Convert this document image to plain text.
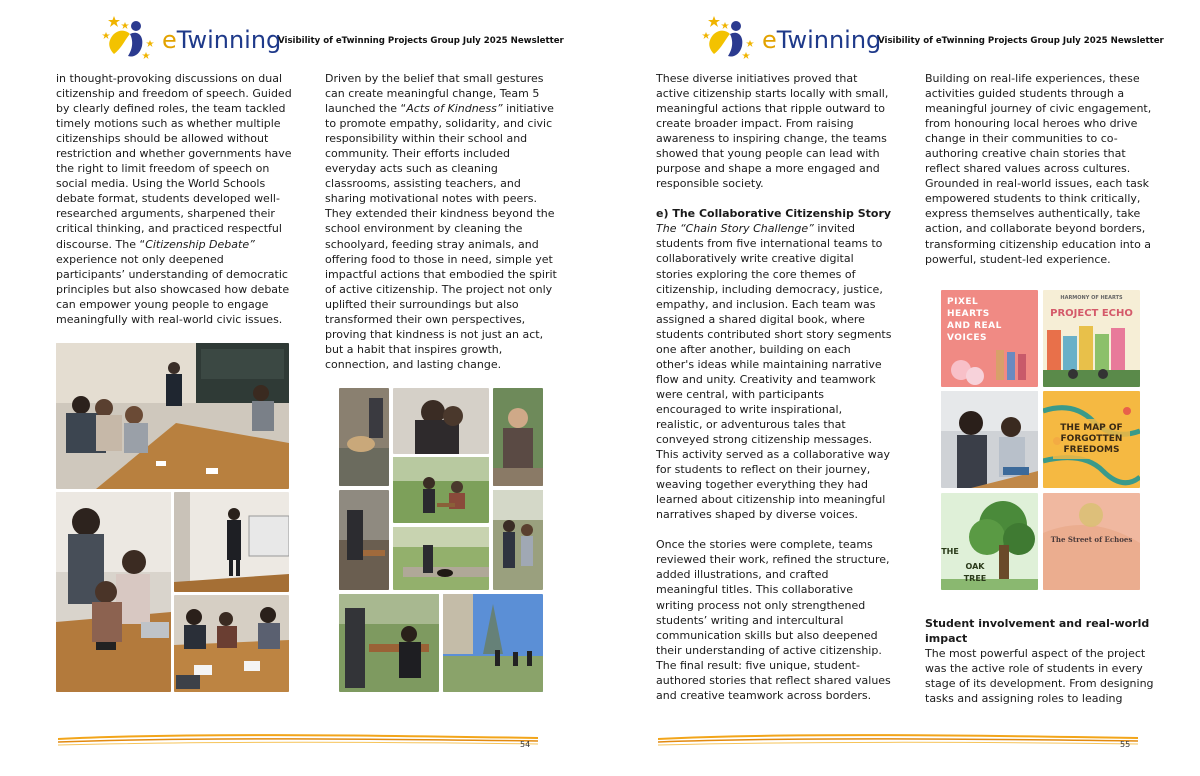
eTwinning
Visibility of eTwinning Projects Group July 2025 Newsletter

in thought-provoking discussions on dual citizenship and freedom of speech. Guided by clearly defined roles, the team tackled timely motions such as whether multiple citizenships should be allowed without restriction and whether governments have the right to limit freedom of speech on social media. Using the World Schools debate format, students developed well-researched arguments, sharpened their critical thinking, and practiced respectful discourse. The “Citizenship Debate” experience not only deepened participants’ understanding of democratic principles but also showcased how debate can empower young people to engage meaningfully with real-world civic issues.

Driven by the belief that small gestures can create meaningful change, Team 5 launched the “Acts of Kindness” initiative to promote empathy, solidarity, and civic responsibility within their school and community. Their efforts included everyday acts such as cleaning classrooms, assisting teachers, and sharing motivational notes with peers. They extended their kindness beyond the school environment by cleaning the schoolyard, feeding stray animals, and offering food to those in need, simple yet impactful actions that embodied the spirit of active citizenship. The project not only uplifted their surroundings but also transformed their own perspectives, proving that kindness is not just an act, but a habit that inspires growth, connection, and lasting change.

54
eTwinning
Visibility of eTwinning Projects Group July 2025 Newsletter

These diverse initiatives proved that active citizenship starts locally with small, meaningful actions that ripple outward to create broader impact. From raising awareness to inspiring change, the teams showed that young people can lead with purpose and shape a more engaged and responsible society.

e) The Collaborative Citizenship Story

The “Chain Story Challenge” invited students from five international teams to collaboratively write creative digital stories exploring the core themes of citizenship, including democracy, justice, empathy, and inclusion. Each team was assigned a shared digital book, where students contributed short story segments one after another, building on each other's ideas while maintaining narrative flow and unity. Creativity and teamwork were central, with participants encouraged to write inspirational, realistic, or adventurous tales that conveyed strong citizenship messages. This activity served as a collaborative way for students to reflect on their journey, weaving together everything they had learned about citizenship into meaningful narratives shaped by diverse voices.

Once the stories were complete, teams reviewed their work, refined the structure, added illustrations, and crafted meaningful titles. This collaborative writing process not only strengthened students’ writing and intercultural communication skills but also deepened their understanding of active citizenship. The final result: five unique, student-authored stories that reflect shared values and creative teamwork across borders.

Building on real-life experiences, these activities guided students through a meaningful journey of civic engagement, from honouring local heroes who drive change in their communities to co-authoring creative chain stories that reflect shared values across cultures. Grounded in real-world issues, each task empowered students to think critically, express themselves authentically, take action, and collaborate beyond borders, transforming citizenship education into a powerful, student-led experience.

Student involvement and real-world impact

The most powerful aspect of the project was the active role of students in every stage of its development. From designing tasks and assigning roles to leading

PIXEL HEARTS AND REAL VOICES
HARMONY OF HEARTS
PROJECT ECHO
THE MAP OF FORGOTTEN FREEDOMS
THE
OAK
TREE
The Street of Echoes
55
